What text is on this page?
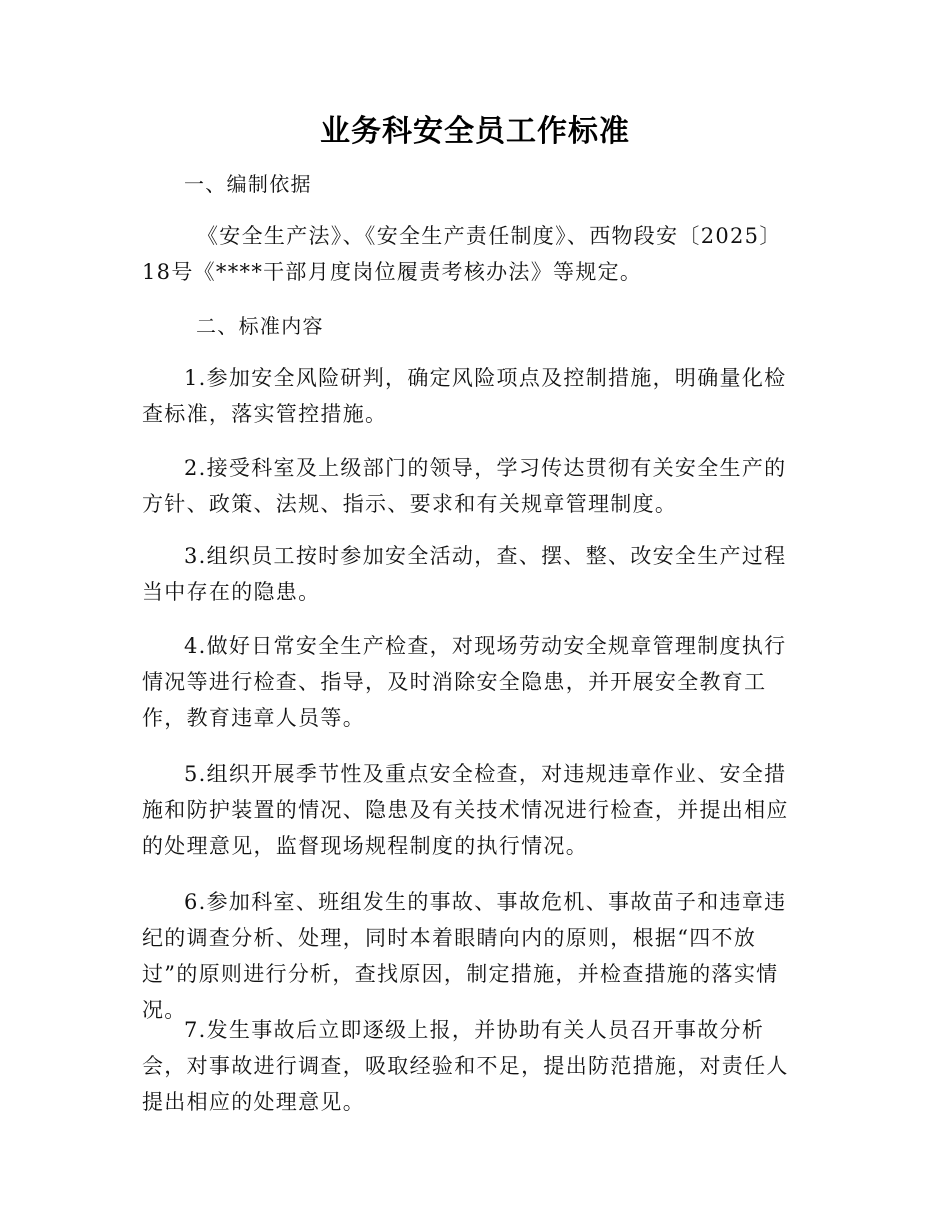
业务科安全员工作标准

一、编制依据

《安全生产法》、《安全生产责任制度》、西物段安〔2025〕18号《****干部月度岗位履责考核办法》等规定。

二、标准内容

1.参加安全风险研判，确定风险项点及控制措施，明确量化检查标准，落实管控措施。

2.接受科室及上级部门的领导，学习传达贯彻有关安全生产的方针、政策、法规、指示、要求和有关规章管理制度。

3.组织员工按时参加安全活动，查、摆、整、改安全生产过程当中存在的隐患。

4.做好日常安全生产检查，对现场劳动安全规章管理制度执行情况等进行检查、指导，及时消除安全隐患，并开展安全教育工作，教育违章人员等。

5.组织开展季节性及重点安全检查，对违规违章作业、安全措施和防护装置的情况、隐患及有关技术情况进行检查，并提出相应的处理意见，监督现场规程制度的执行情况。

6.参加科室、班组发生的事故、事故危机、事故苗子和违章违纪的调查分析、处理，同时本着眼睛向内的原则，根据“四不放过”的原则进行分析，查找原因，制定措施，并检查措施的落实情况。

7.发生事故后立即逐级上报，并协助有关人员召开事故分析会，对事故进行调查，吸取经验和不足，提出防范措施，对责任人提出相应的处理意见。
